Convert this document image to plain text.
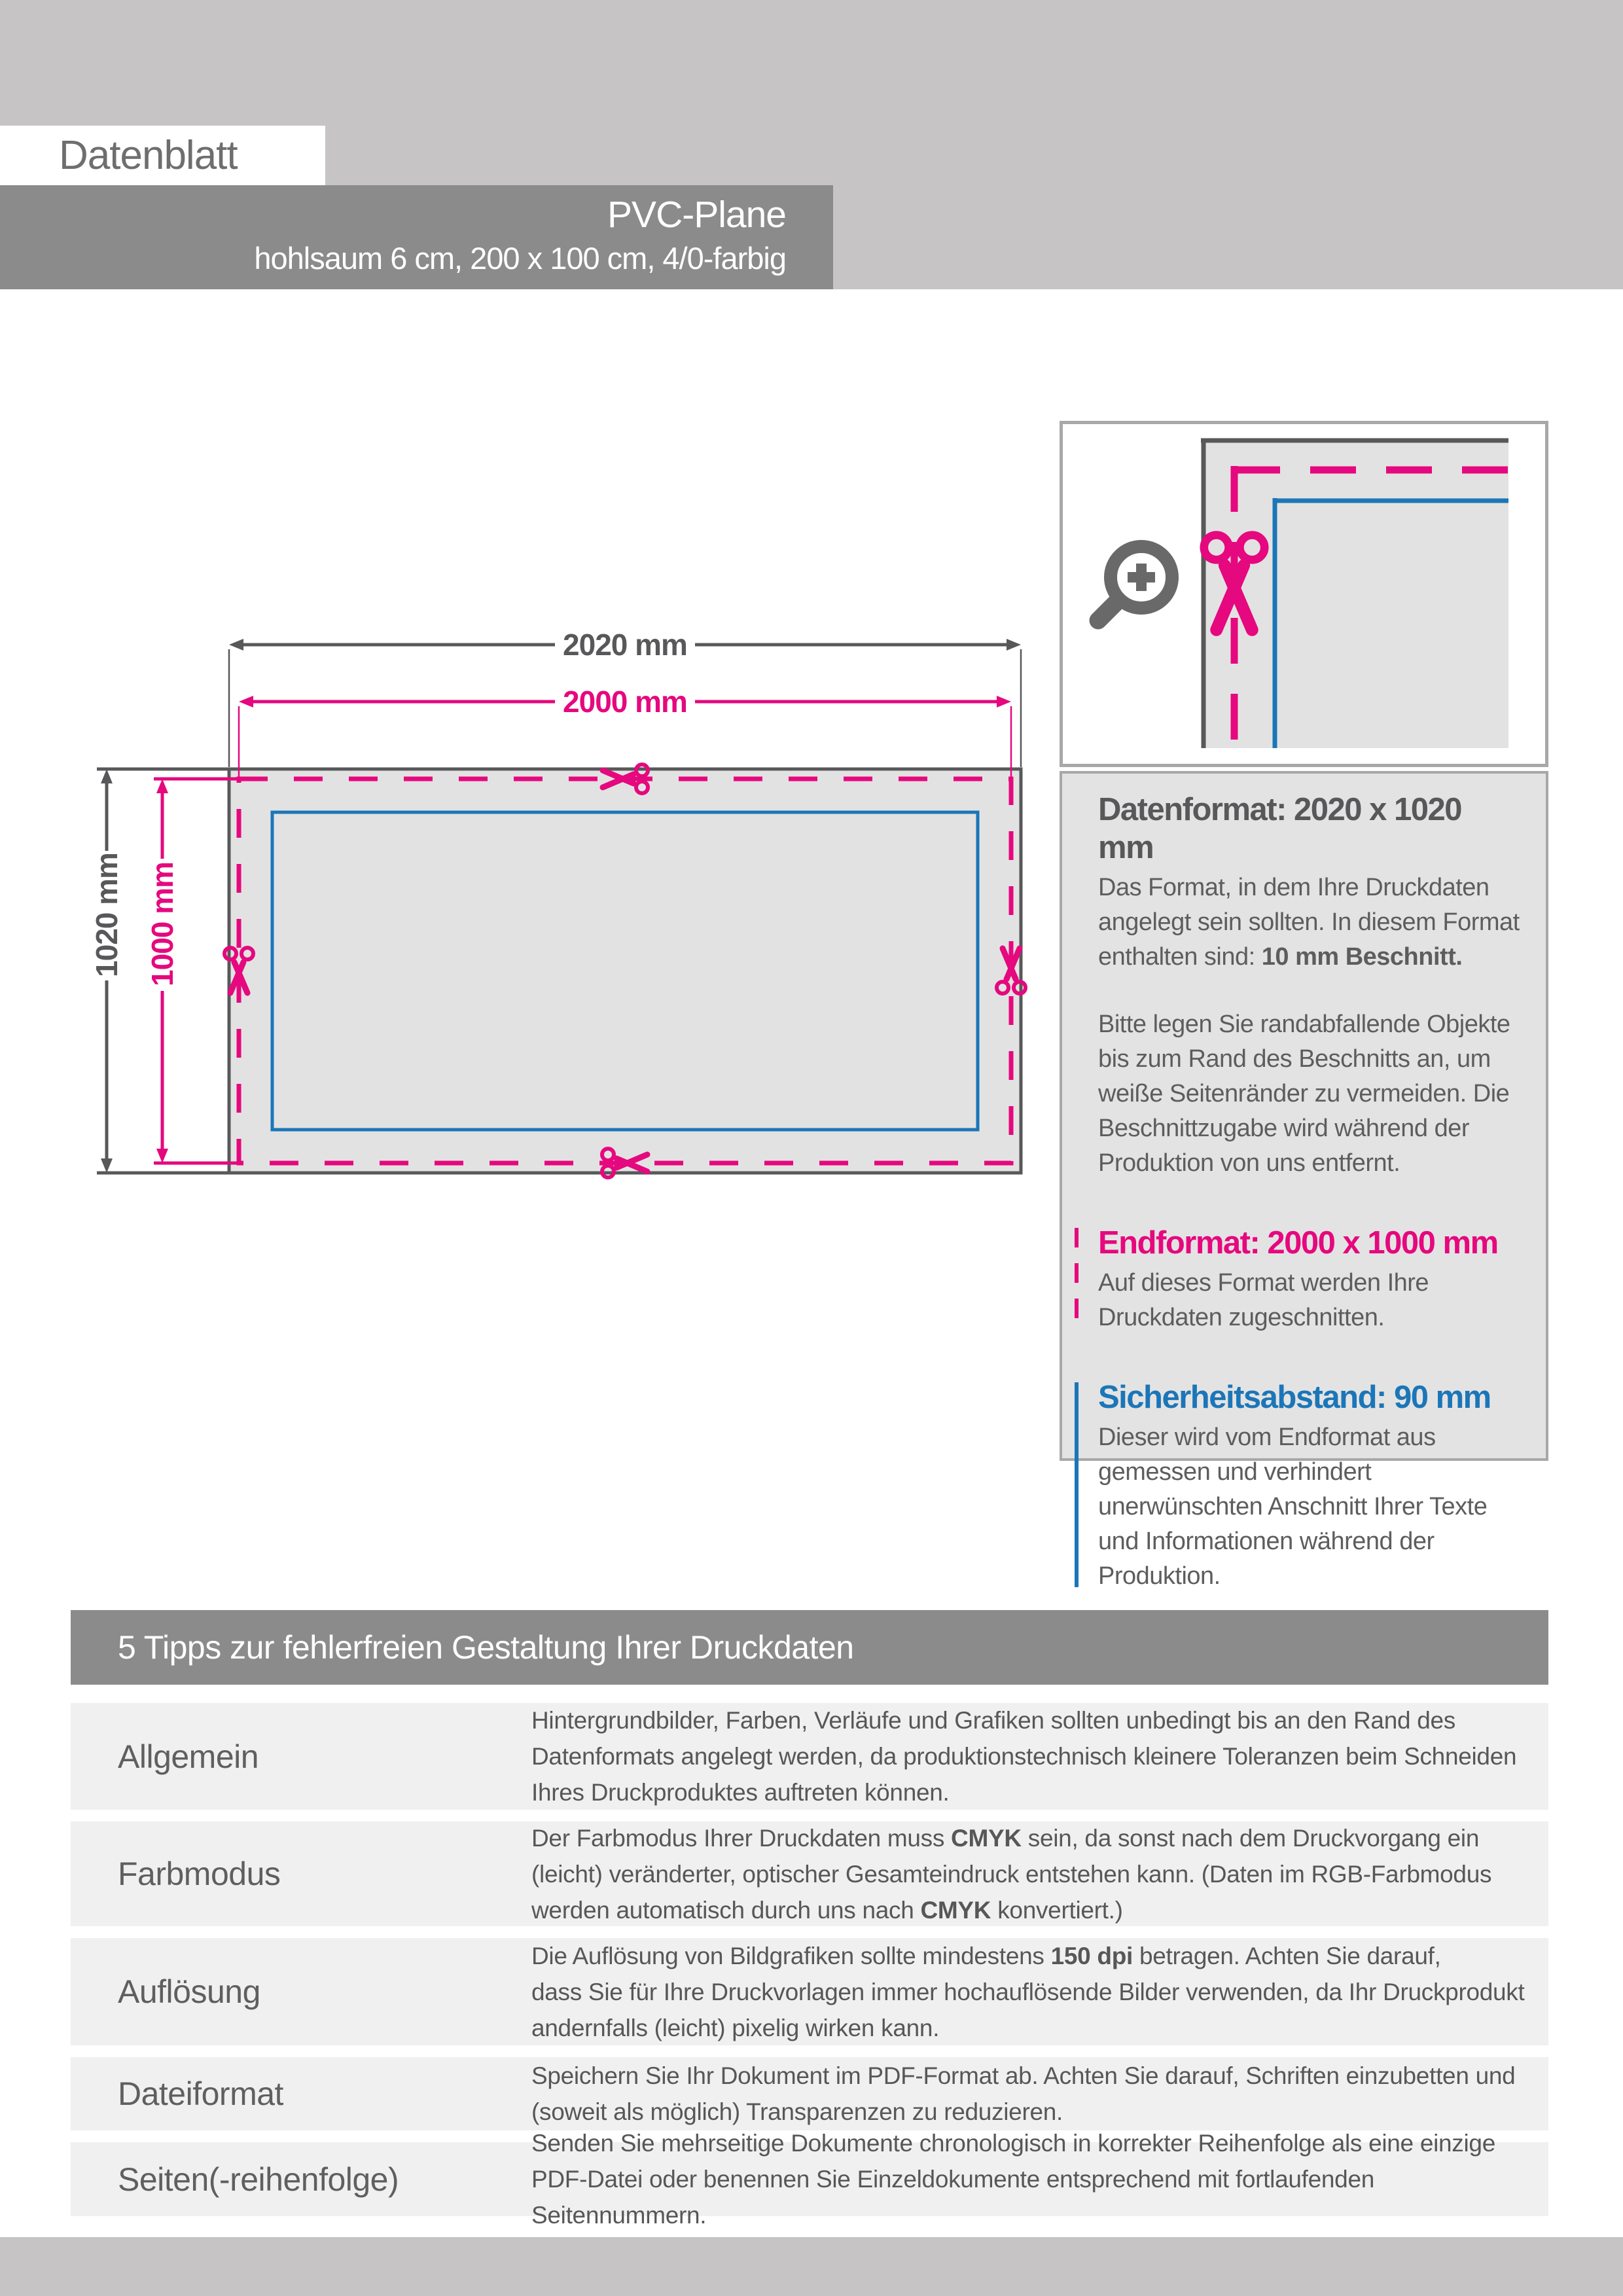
Datenblatt
PVC-Plane
hohlsaum 6 cm, 200 x 100 cm, 4/0-farbig
2020 mm
2000 mm
1020 mm 1000 mm
Datenformat: 2020 x 1020 mm

Das Format, in dem Ihre Druckdaten angelegt sein sollten. In diesem Format enthalten sind: 10 mm Beschnitt.

Bitte legen Sie randabfallende Objekte bis zum Rand des Beschnitts an, um weiße Seitenränder zu vermeiden. Die Beschnittzugabe wird während der Produktion von uns entfernt.

Endformat: 2000 x 1000 mm

Auf dieses Format werden Ihre Druckdaten zugeschnitten.

Sicherheitsabstand: 90 mm

Dieser wird vom Endformat aus gemessen und verhindert unerwünschten Anschnitt Ihrer Texte und Informationen während der Produktion.

5 Tipps zur fehlerfreien Gestaltung Ihrer Druckdaten
Allgemein
Hintergrundbilder, Farben, Verläufe und Grafiken sollten unbedingt bis an den Rand des Datenformats angelegt werden, da produktionstechnisch kleinere Toleranzen beim Schneiden Ihres Druckproduktes auftreten können.
Farbmodus
Der Farbmodus Ihrer Druckdaten muss CMYK sein, da sonst nach dem Druckvorgang ein (leicht) veränderter, optischer Gesamteindruck entstehen kann. (Daten im RGB-Farbmodus werden automatisch durch uns nach CMYK konvertiert.)
Auflösung
Die Auflösung von Bildgrafiken sollte mindestens 150 dpi betragen. Achten Sie darauf,
dass Sie für Ihre Druckvorlagen immer hochauflösende Bilder verwenden, da Ihr Druckprodukt andernfalls (leicht) pixelig wirken kann.
Dateiformat	Speichern Sie Ihr Dokument im PDF-Format ab. Achten Sie darauf, Schriften einzubetten und (soweit als möglich) Transparenzen zu reduzieren.
Seiten(-reihenfolge)
Senden Sie mehrseitige Dokumente chronologisch in korrekter Reihenfolge als eine einzige PDF-Datei oder benennen Sie Einzeldokumente entsprechend mit fortlaufenden Seitennummern.
